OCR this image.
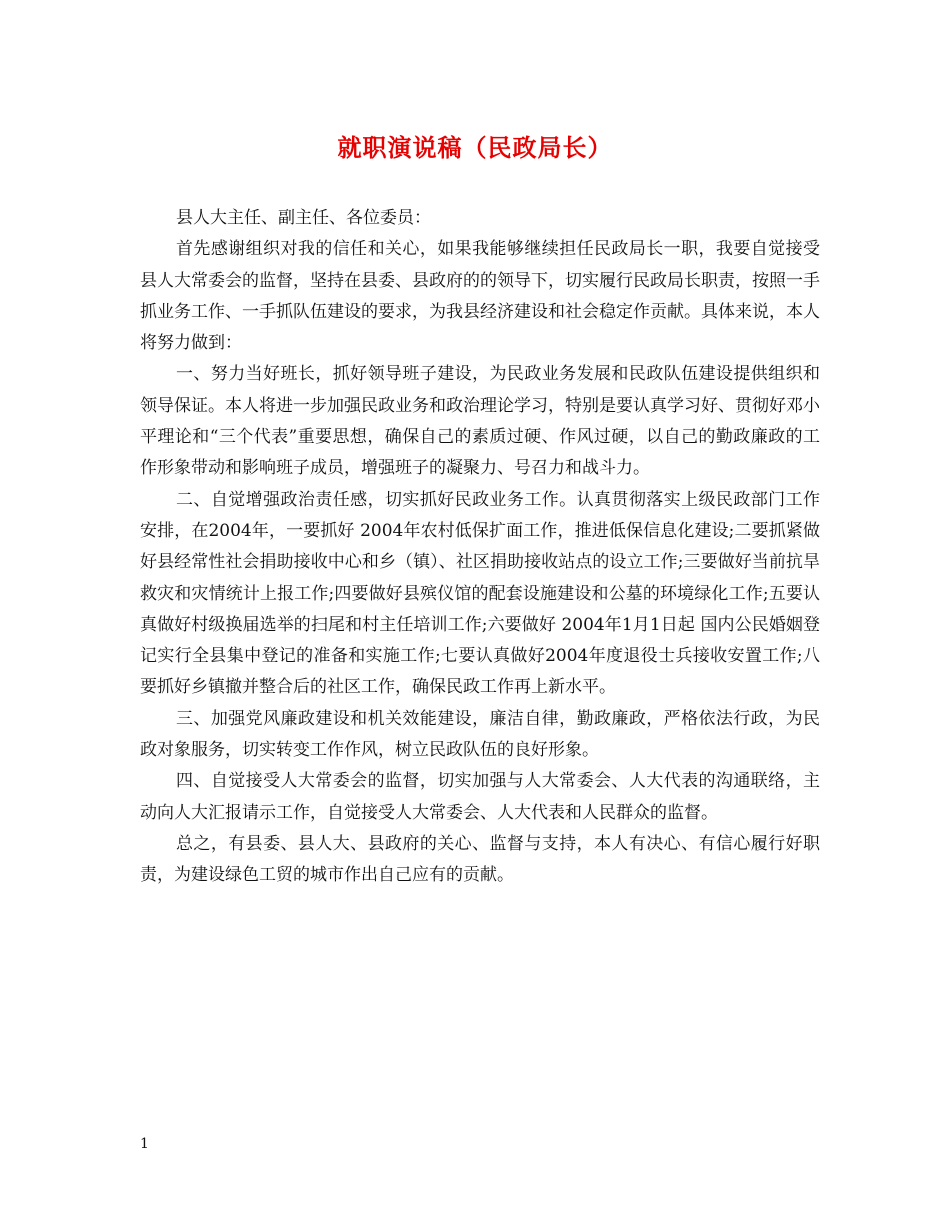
就职演说稿（民政局长）

县人大主任、副主任、各位委员：

首先感谢组织对我的信任和关心，如果我能够继续担任民政局长一职，我要自觉接受县人大常委会的监督，坚持在县委、县政府的的领导下，切实履行民政局长职责，按照一手抓业务工作、一手抓队伍建设的要求，为我县经济建设和社会稳定作贡献。具体来说，本人将努力做到：

一、努力当好班长，抓好领导班子建设，为民政业务发展和民政队伍建设提供组织和领导保证。本人将进一步加强民政业务和政治理论学习，特别是要认真学习好、贯彻好邓小平理论和“三个代表”重要思想，确保自己的素质过硬、作风过硬，以自己的勤政廉政的工作形象带动和影响班子成员，增强班子的凝聚力、号召力和战斗力。

二、自觉增强政治责任感，切实抓好民政业务工作。认真贯彻落实上级民政部门工作安排，在2004年，一要抓好 2004年农村低保扩面工作，推进低保信息化建设;二要抓紧做好县经常性社会捐助接收中心和乡（镇）、社区捐助接收站点的设立工作;三要做好当前抗旱救灾和灾情统计上报工作;四要做好县殡仪馆的配套设施建设和公墓的环境绿化工作;五要认真做好村级换届选举的扫尾和村主任培训工作;六要做好 2004年1月1日起 国内公民婚姻登记实行全县集中登记的准备和实施工作;七要认真做好2004年度退役士兵接收安置工作;八要抓好乡镇撤并整合后的社区工作，确保民政工作再上新水平。

三、加强党风廉政建设和机关效能建设，廉洁自律，勤政廉政，严格依法行政，为民政对象服务，切实转变工作作风，树立民政队伍的良好形象。

四、自觉接受人大常委会的监督，切实加强与人大常委会、人大代表的沟通联络，主动向人大汇报请示工作，自觉接受人大常委会、人大代表和人民群众的监督。

总之，有县委、县人大、县政府的关心、监督与支持，本人有决心、有信心履行好职责，为建设绿色工贸的城市作出自己应有的贡献。

1
